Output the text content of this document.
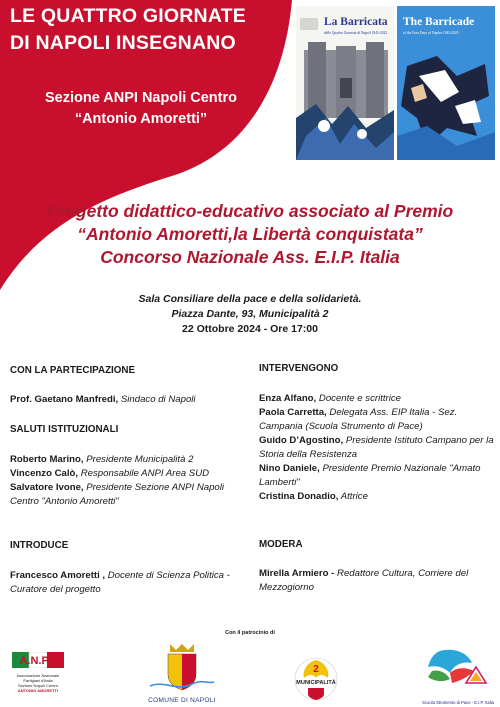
LE QUATTRO GIORNATE
DI NAPOLI INSEGNANO
Sezione ANPI Napoli Centro
“Antonio Amoretti”
La Barricata
delle Quattro Giornate di Napoli 1943-2023
The Barricade
of the Four Days of Naples 1943-2023
Progetto didattico-educativo associato al Premio
“Antonio Amoretti,la Libertà conquistata”
Concorso Nazionale Ass. E.I.P. Italia
Sala Consiliare della pace e della solidarietà.
Piazza Dante, 93, Municipalità 2
22 Ottobre 2024 - Ore 17:00
CON LA PARTECIPAZIONE
Prof. Gaetano Manfredi, Sindaco di Napoli
SALUTI ISTITUZIONALI
Roberto Marino, Presidente Municipalità 2
Vincenzo Calò, Responsabile ANPI Area SUD
Salvatore Ivone, Presidente Sezione ANPI Napoli Centro "Antonio Amoretti"
INTRODUCE
Francesco Amoretti , Docente di Scienza Politica - Curatore del progetto
INTERVENGONO
Enza Alfano, Docente e scrittrice
Paola Carretta, Delegata Ass. EIP Italia - Sez. Campania (Scuola Strumento di Pace)
Guido D’Agostino, Presidente Istituto Campano per la Storia della Resistenza
Nino Daniele, Presidente Premio Nazionale "Amato Lamberti"
Cristina Donadio, Attrice
MODERA
Mirella Armiero - Redattore Cultura, Corriere del Mezzogiorno
Con il patrocinio di
A.N.P.I.
Associazione Nazionale
Partigiani d'Italia
Sezione Napoli Centro
ANTONIO AMORETTI
COMUNE DI NAPOLI
2
MUNICIPALITÀ
Scuola Strumento di Pace - E.I.P. Italia
